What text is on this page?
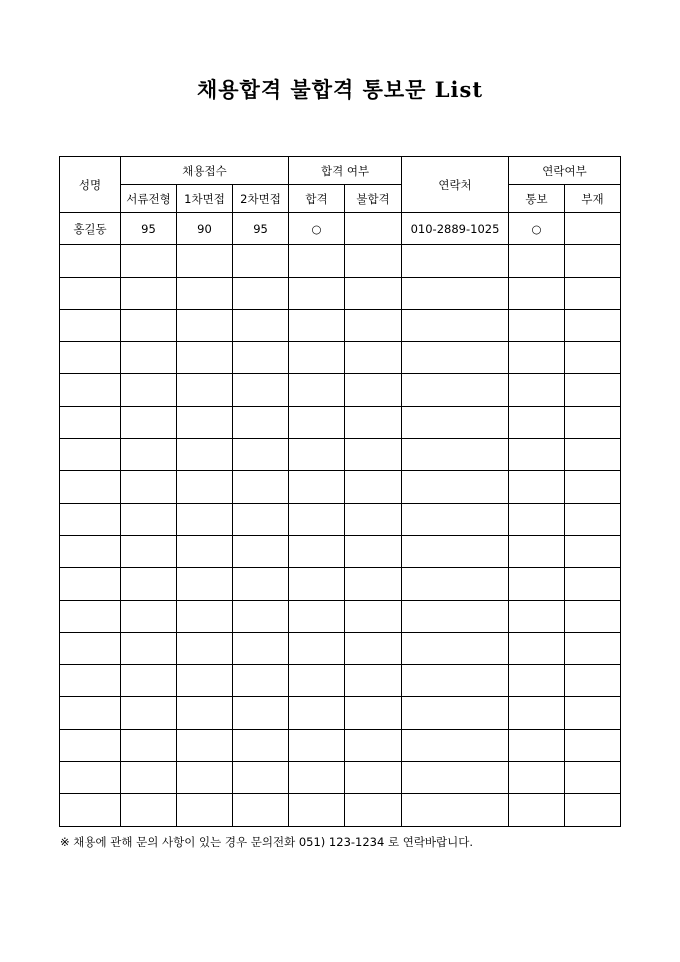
채용합격 불합격 통보문 List
성명	채용접수			합격 여부		연락처	연락여부	
	서류전형	1차면접	2차면접	합격	불합격		통보	부재
홍길동	95	90	95	○		010-2889-1025	○	

※ 채용에 관해 문의 사항이 있는 경우 문의전화 051) 123-1234 로 연락바랍니다.
